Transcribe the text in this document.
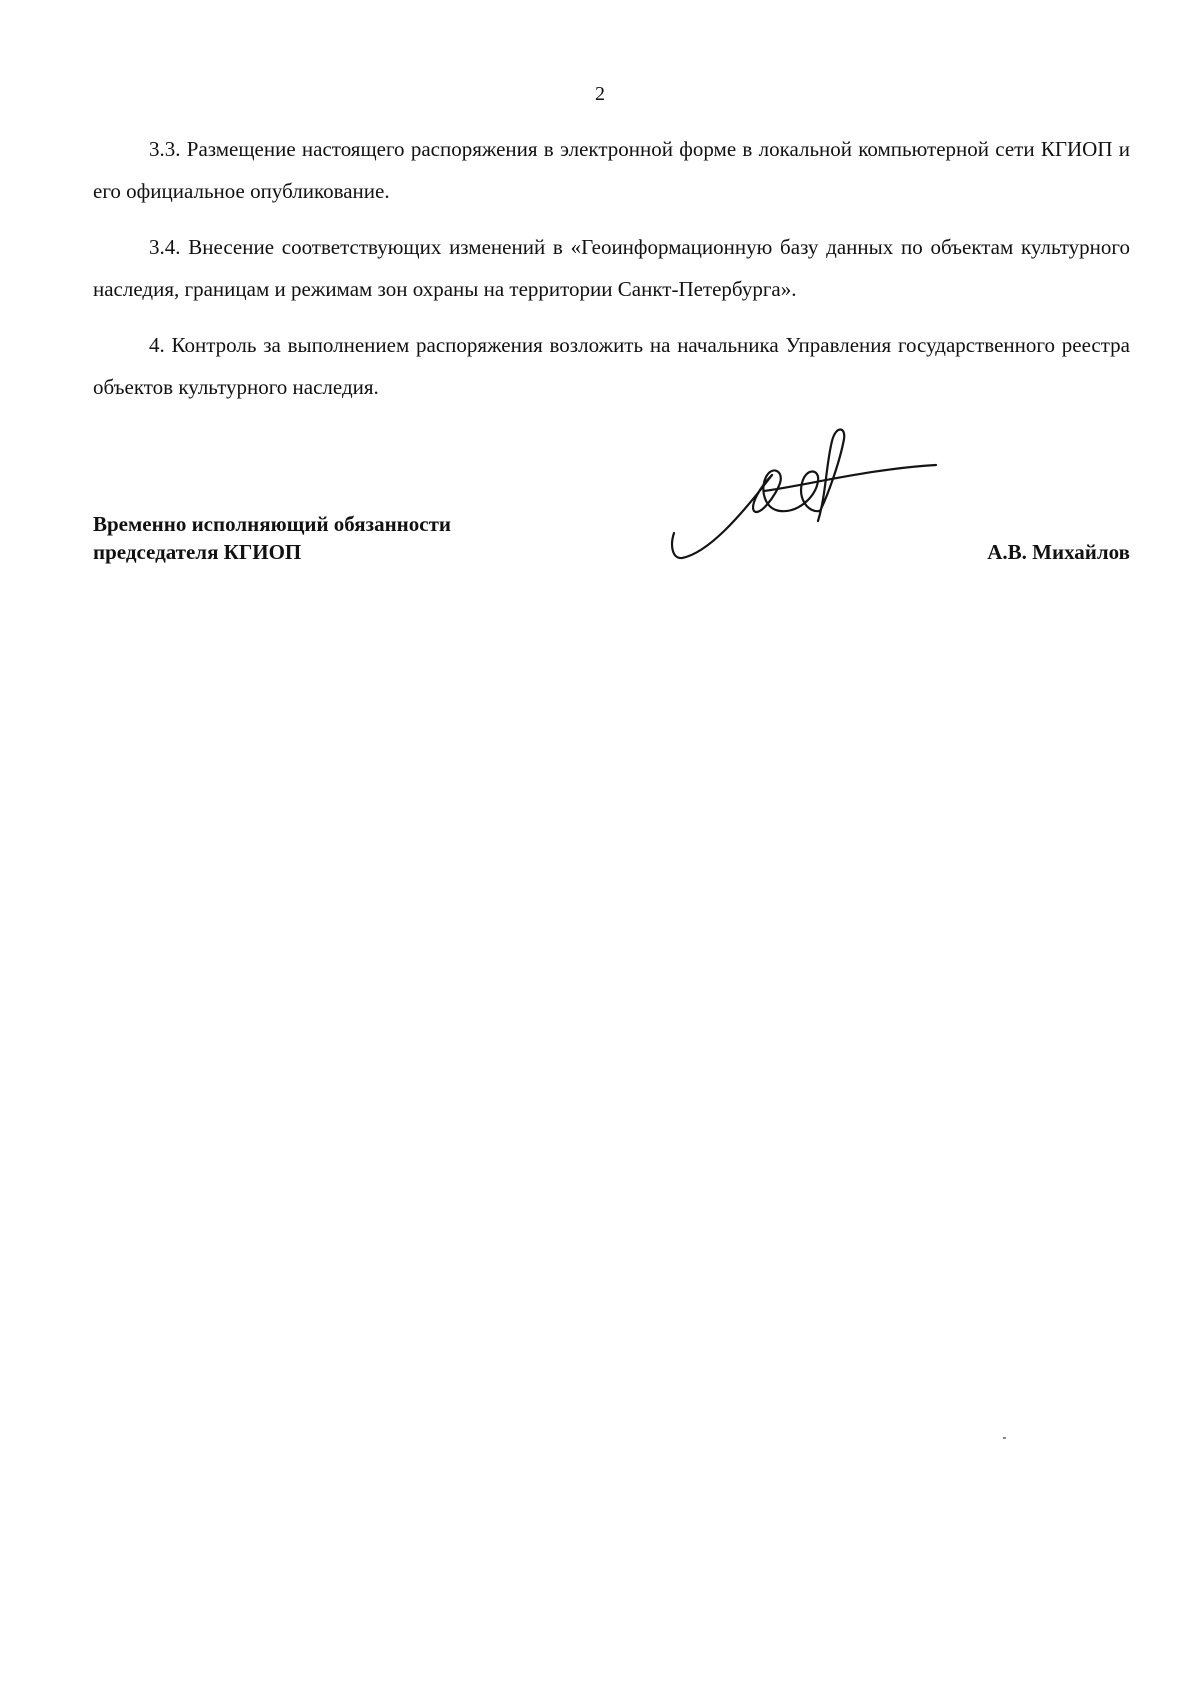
2

3.3. Размещение настоящего распоряжения в электронной форме в локальной компьютерной сети КГИОП и его официальное опубликование.

3.4. Внесение соответствующих изменений в «Геоинформационную базу данных по объектам культурного наследия, границам и режимам зон охраны на территории Санкт-Петербурга».

4. Контроль за выполнением распоряжения возложить на начальника Управления государственного реестра объектов культурного наследия.

Временно исполняющий обязанности
председателя КГИОП	А.В. Михайлов
